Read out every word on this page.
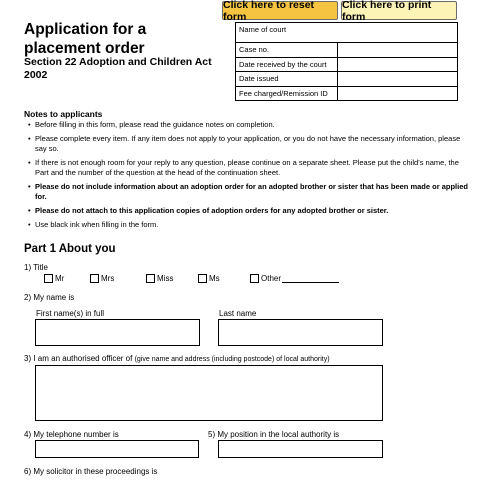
Click here to reset form
Click here to print form
Application for a placement order
Section 22 Adoption and Children Act 2002
Name of court	
Case no.	
Date received by the court	
Date issued	
Fee charged/Remission ID	
Notes to applicants
• Before filling in this form, please read the guidance notes on completion.
• Please complete every item. If any item does not apply to your application, or you do not have the necessary information, please say so.
• If there is not enough room for your reply to any question, please continue on a separate sheet. Please put the child’s name, the Part and the number of the question at the head of the continuation sheet.
• Please do not include information about an adoption order for an adopted brother or sister that has been made or applied for.
• Please do not attach to this application copies of adoption orders for any adopted brother or sister.
• Use black ink when filling in the form.
Part 1 About you
1) Title
Mr	Mrs	Miss	Ms	Other
2) My name is
First name(s) in full	Last name
3) I am an authorised officer of (give name and address (including postcode) of local authority)
4) My telephone number is	5) My position in the local authority is
6) My solicitor in these proceedings is
